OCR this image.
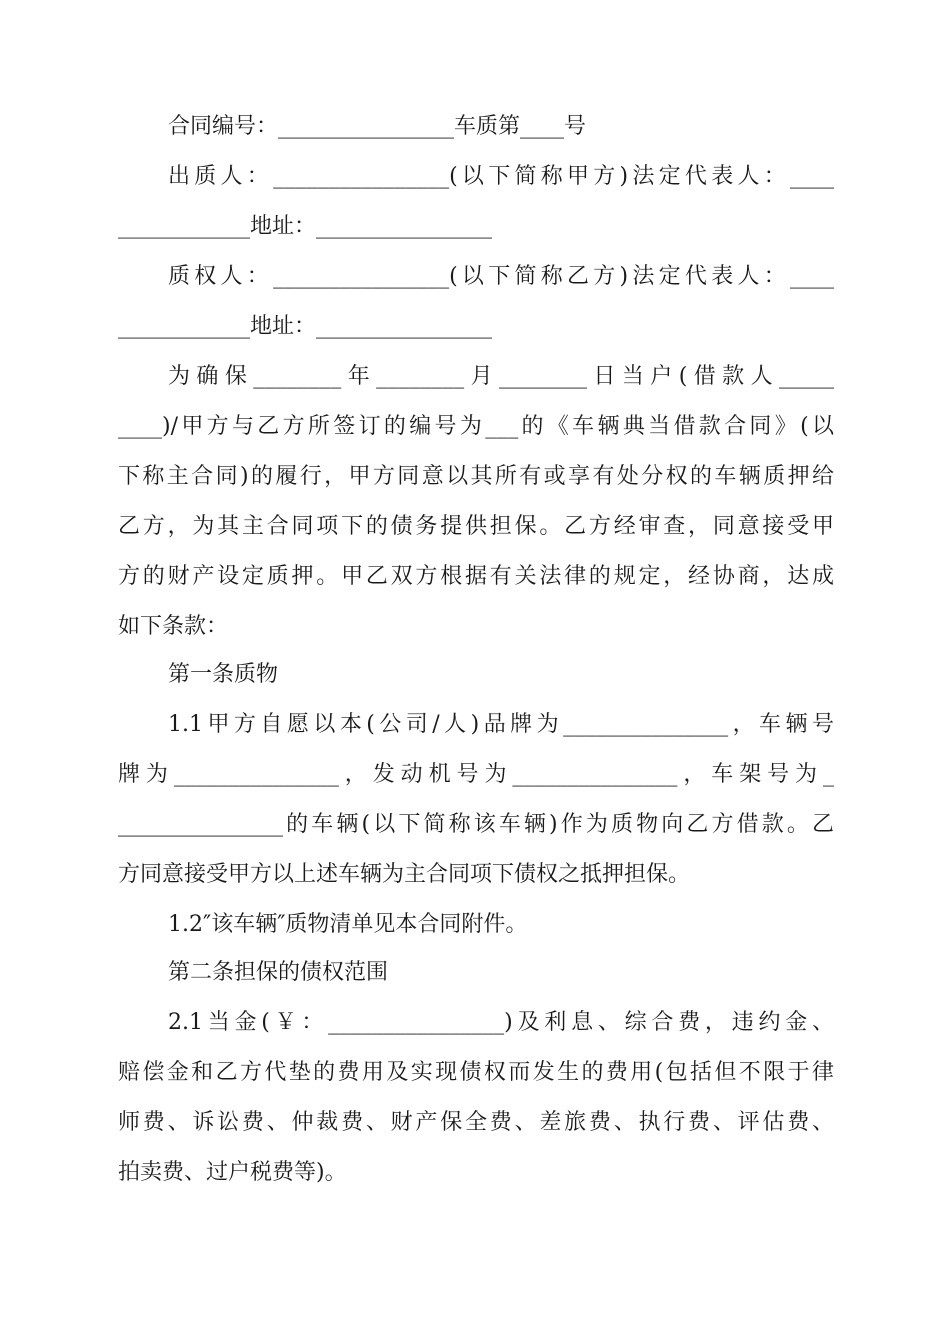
合同编号：________________车质第____号
出质人：________________(以下简称甲方)法定代表人：____
____________地址：________________
质权人：________________(以下简称乙方)法定代表人：____
____________地址：________________
为确保________年________月________日当户(借款人_____
____)/甲方与乙方所签订的编号为___的《车辆典当借款合同》(以
下称主合同)的履行，甲方同意以其所有或享有处分权的车辆质押给
乙方，为其主合同项下的债务提供担保。乙方经审查，同意接受甲
方的财产设定质押。甲乙双方根据有关法律的规定，经协商，达成
如下条款：
第一条质物
1.1甲方自愿以本(公司/人)品牌为_______________，车辆号
牌为_______________，发动机号为_______________，车架号为_
_______________的车辆(以下简称该车辆)作为质物向乙方借款。乙
方同意接受甲方以上述车辆为主合同项下债权之抵押担保。
1.2″该车辆″质物清单见本合同附件。
第二条担保的债权范围
2.1当金(￥：________________)及利息、综合费，违约金、
赔偿金和乙方代垫的费用及实现债权而发生的费用(包括但不限于律
师费、诉讼费、仲裁费、财产保全费、差旅费、执行费、评估费、
拍卖费、过户税费等)。
